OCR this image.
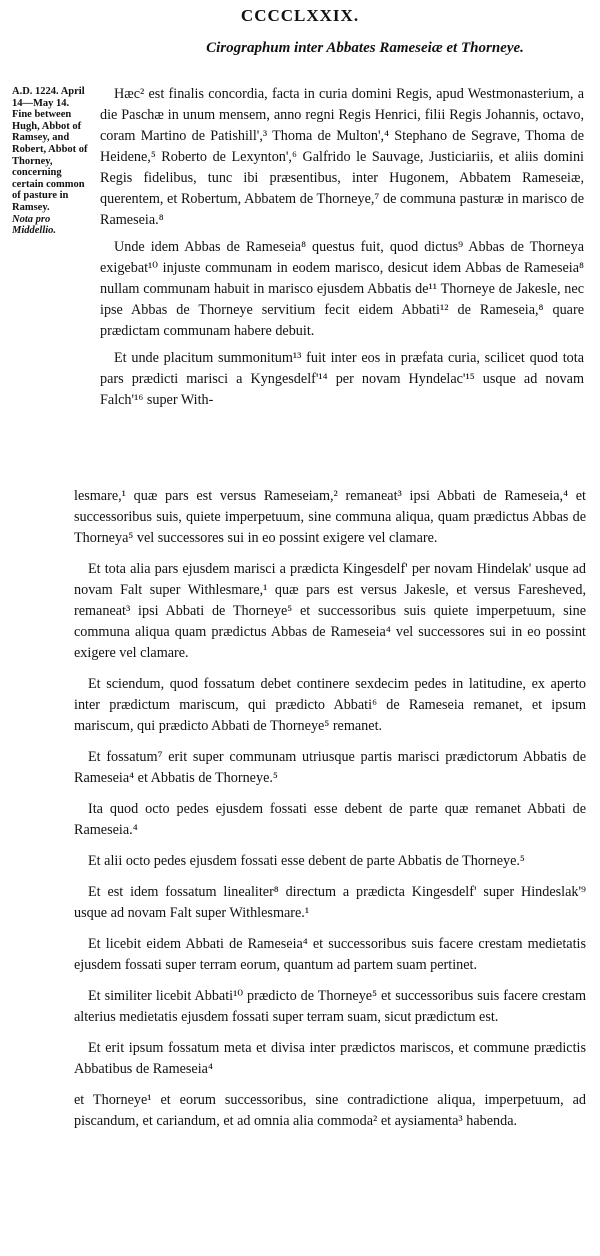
CCCCLXXIX.
Cirographum inter Abbates Rameseiæ et Thorneye.
A.D. 1224. April 14—May 14.
Fine between Hugh, Abbot of Ramsey, and Robert, Abbot of Thorney, concerning certain common of pasture in Ramsey.
Nota pro Middellio.

Hæc² est finalis concordia, facta in curia domini Regis, apud Westmonasterium, a die Paschæ in unum mensem, anno regni Regis Henrici, filii Regis Johannis, octavo, coram Martino de Patishill',³ Thoma de Multon',⁴ Stephano de Segrave, Thoma de Heidene,⁵ Roberto de Lexynton',⁶ Galfrido le Sauvage, Justiciariis, et aliis domini Regis fidelibus, tunc ibi præsentibus, inter Hugonem, Abbatem Rameseiæ, querentem, et Robertum, Abbatem de Thorneye,⁷ de communa pasturæ in marisco de Rameseia.⁸

Unde idem Abbas de Rameseia⁸ questus fuit, quod dictus⁹ Abbas de Thorneya exigebat¹⁰ injuste communam in eodem marisco, desicut idem Abbas de Rameseia⁸ nullam communam habuit in marisco ejusdem Abbatis de¹¹ Thorneye de Jakesle, nec ipse Abbas de Thorneye servitium fecit eidem Abbati¹² de Rameseia,⁸ quare prædictam communam habere debuit.

Et unde placitum summonitum¹³ fuit inter eos in præfata curia, scilicet quod tota pars prædicti marisci a Kyngesdelf'¹⁴ per novam Hyndelac'¹⁵ usque ad novam Falch'¹⁶ super With-

lesmare,¹ quæ pars est versus Rameseiam,² remaneat³ ipsi Abbati de Rameseia,⁴ et successoribus suis, quiete imperpetuum, sine communa aliqua, quam prædictus Abbas de Thorneya⁵ vel successores sui in eo possint exigere vel clamare.

Et tota alia pars ejusdem marisci a prædicta Kingesdelf' per novam Hindelak' usque ad novam Falt super Withlesmare,¹ quæ pars est versus Jakesle, et versus Faresheved, remaneat³ ipsi Abbati de Thorneye⁵ et successoribus suis quiete imperpetuum, sine communa aliqua quam prædictus Abbas de Rameseia⁴ vel successores sui in eo possint exigere vel clamare.

Et sciendum, quod fossatum debet continere sexdecim pedes in latitudine, ex aperto inter prædictum mariscum, qui prædicto Abbati⁶ de Rameseia remanet, et ipsum mariscum, qui prædicto Abbati de Thorneye⁵ remanet.

Et fossatum⁷ erit super communam utriusque partis marisci prædictorum Abbatis de Rameseia⁴ et Abbatis de Thorneye.⁵

Ita quod octo pedes ejusdem fossati esse debent de parte quæ remanet Abbati de Rameseia.⁴

Et alii octo pedes ejusdem fossati esse debent de parte Abbatis de Thorneye.⁵

Et est idem fossatum linealiter⁸ directum a prædicta Kingesdelf' super Hindeslak'⁹ usque ad novam Falt super Withlesmare.¹

Et licebit eidem Abbati de Rameseia⁴ et successoribus suis facere crestam medietatis ejusdem fossati super terram eorum, quantum ad partem suam pertinet.

Et similiter licebit Abbati¹⁰ prædicto de Thorneye⁵ et successoribus suis facere crestam alterius medietatis ejusdem fossati super terram suam, sicut prædictum est.

Et erit ipsum fossatum meta et divisa inter prædictos mariscos, et commune prædictis Abbatibus de Rameseia⁴

et Thorneye¹ et eorum successoribus, sine contradictione aliqua, imperpetuum, ad piscandum, et cariandum, et ad omnia alia commoda² et aysiamenta³ habenda.
